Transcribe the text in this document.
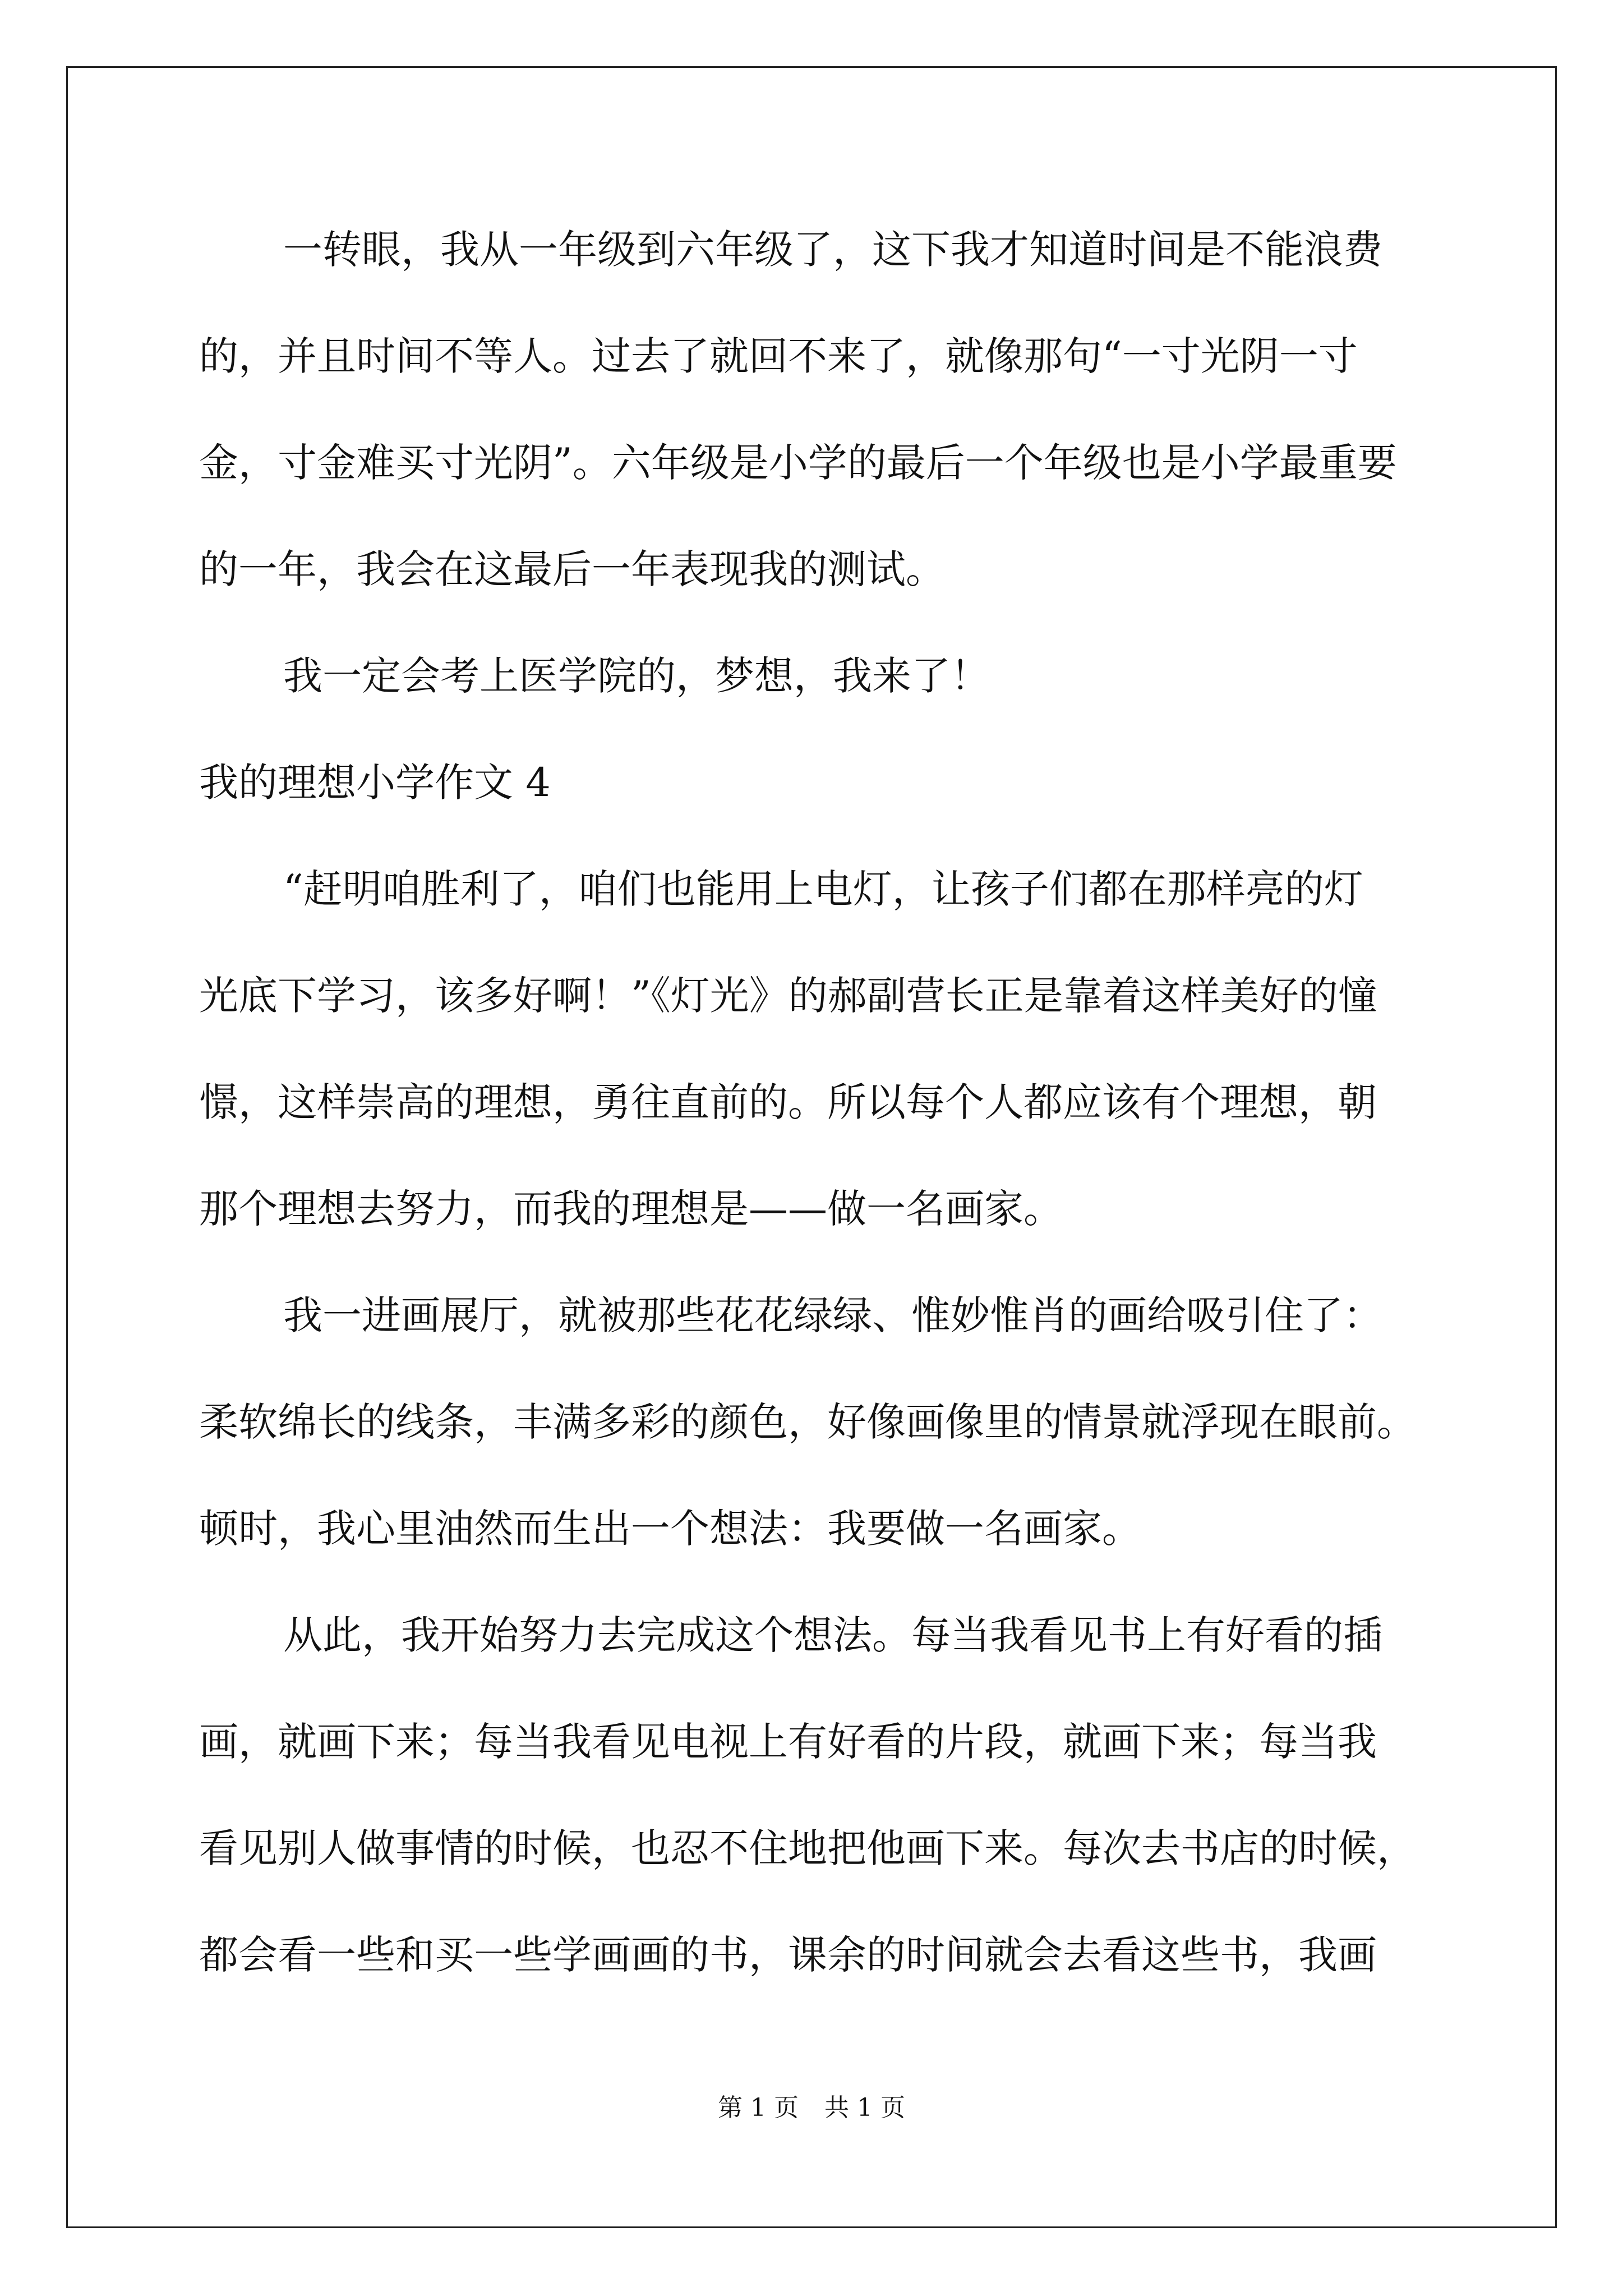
一转眼，我从一年级到六年级了，这下我才知道时间是不能浪费
的，并且时间不等人。过去了就回不来了，就像那句“一寸光阴一寸
金，寸金难买寸光阴”。六年级是小学的最后一个年级也是小学最重要
的一年，我会在这最后一年表现我的测试。
我一定会考上医学院的，梦想，我来了！
我的理想小学作文 4
“赶明咱胜利了，咱们也能用上电灯，让孩子们都在那样亮的灯
光底下学习，该多好啊！”《灯光》的郝副营长正是靠着这样美好的憧
憬，这样崇高的理想，勇往直前的。所以每个人都应该有个理想，朝
那个理想去努力，而我的理想是——做一名画家。
我一进画展厅，就被那些花花绿绿、惟妙惟肖的画给吸引住了：
柔软绵长的线条，丰满多彩的颜色，好像画像里的情景就浮现在眼前。
顿时，我心里油然而生出一个想法：我要做一名画家。
从此，我开始努力去完成这个想法。每当我看见书上有好看的插
画，就画下来；每当我看见电视上有好看的片段，就画下来；每当我
看见别人做事情的时候，也忍不住地把他画下来。每次去书店的时候，
都会看一些和买一些学画画的书，课余的时间就会去看这些书，我画
第 1 页 共 1 页
